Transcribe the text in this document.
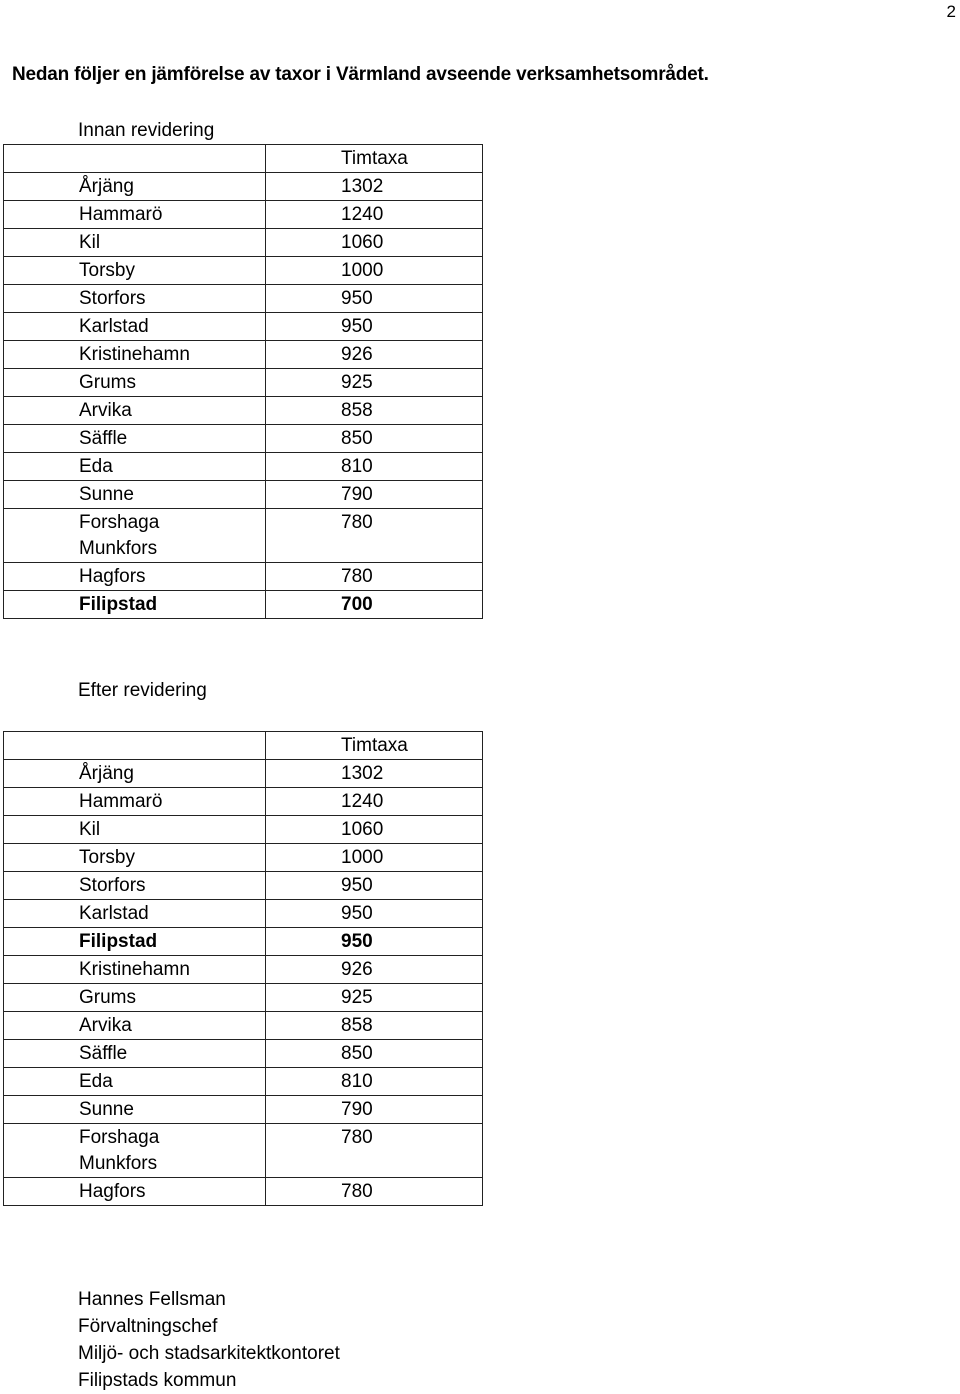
2
Nedan följer en jämförelse av taxor i Värmland avseende verksamhetsområdet.
Innan revidering
	Timtaxa

Årjäng	1302

Hammarö	1240

Kil	1060

Torsby	1000

Storfors	950

Karlstad	950

Kristinehamn	926

Grums	925

Arvika	858

Säffle	850

Eda	810

Sunne	790

Forshaga
Munkfors	780

Hagfors	780

Filipstad	700
Efter revidering
	Timtaxa

Årjäng	1302

Hammarö	1240

Kil	1060

Torsby	1000

Storfors	950

Karlstad	950

Filipstad	950

Kristinehamn	926

Grums	925

Arvika	858

Säffle	850

Eda	810

Sunne	790

Forshaga
Munkfors	780

Hagfors	780
Hannes Fellsman
Förvaltningschef
Miljö- och stadsarkitektkontoret
Filipstads kommun
